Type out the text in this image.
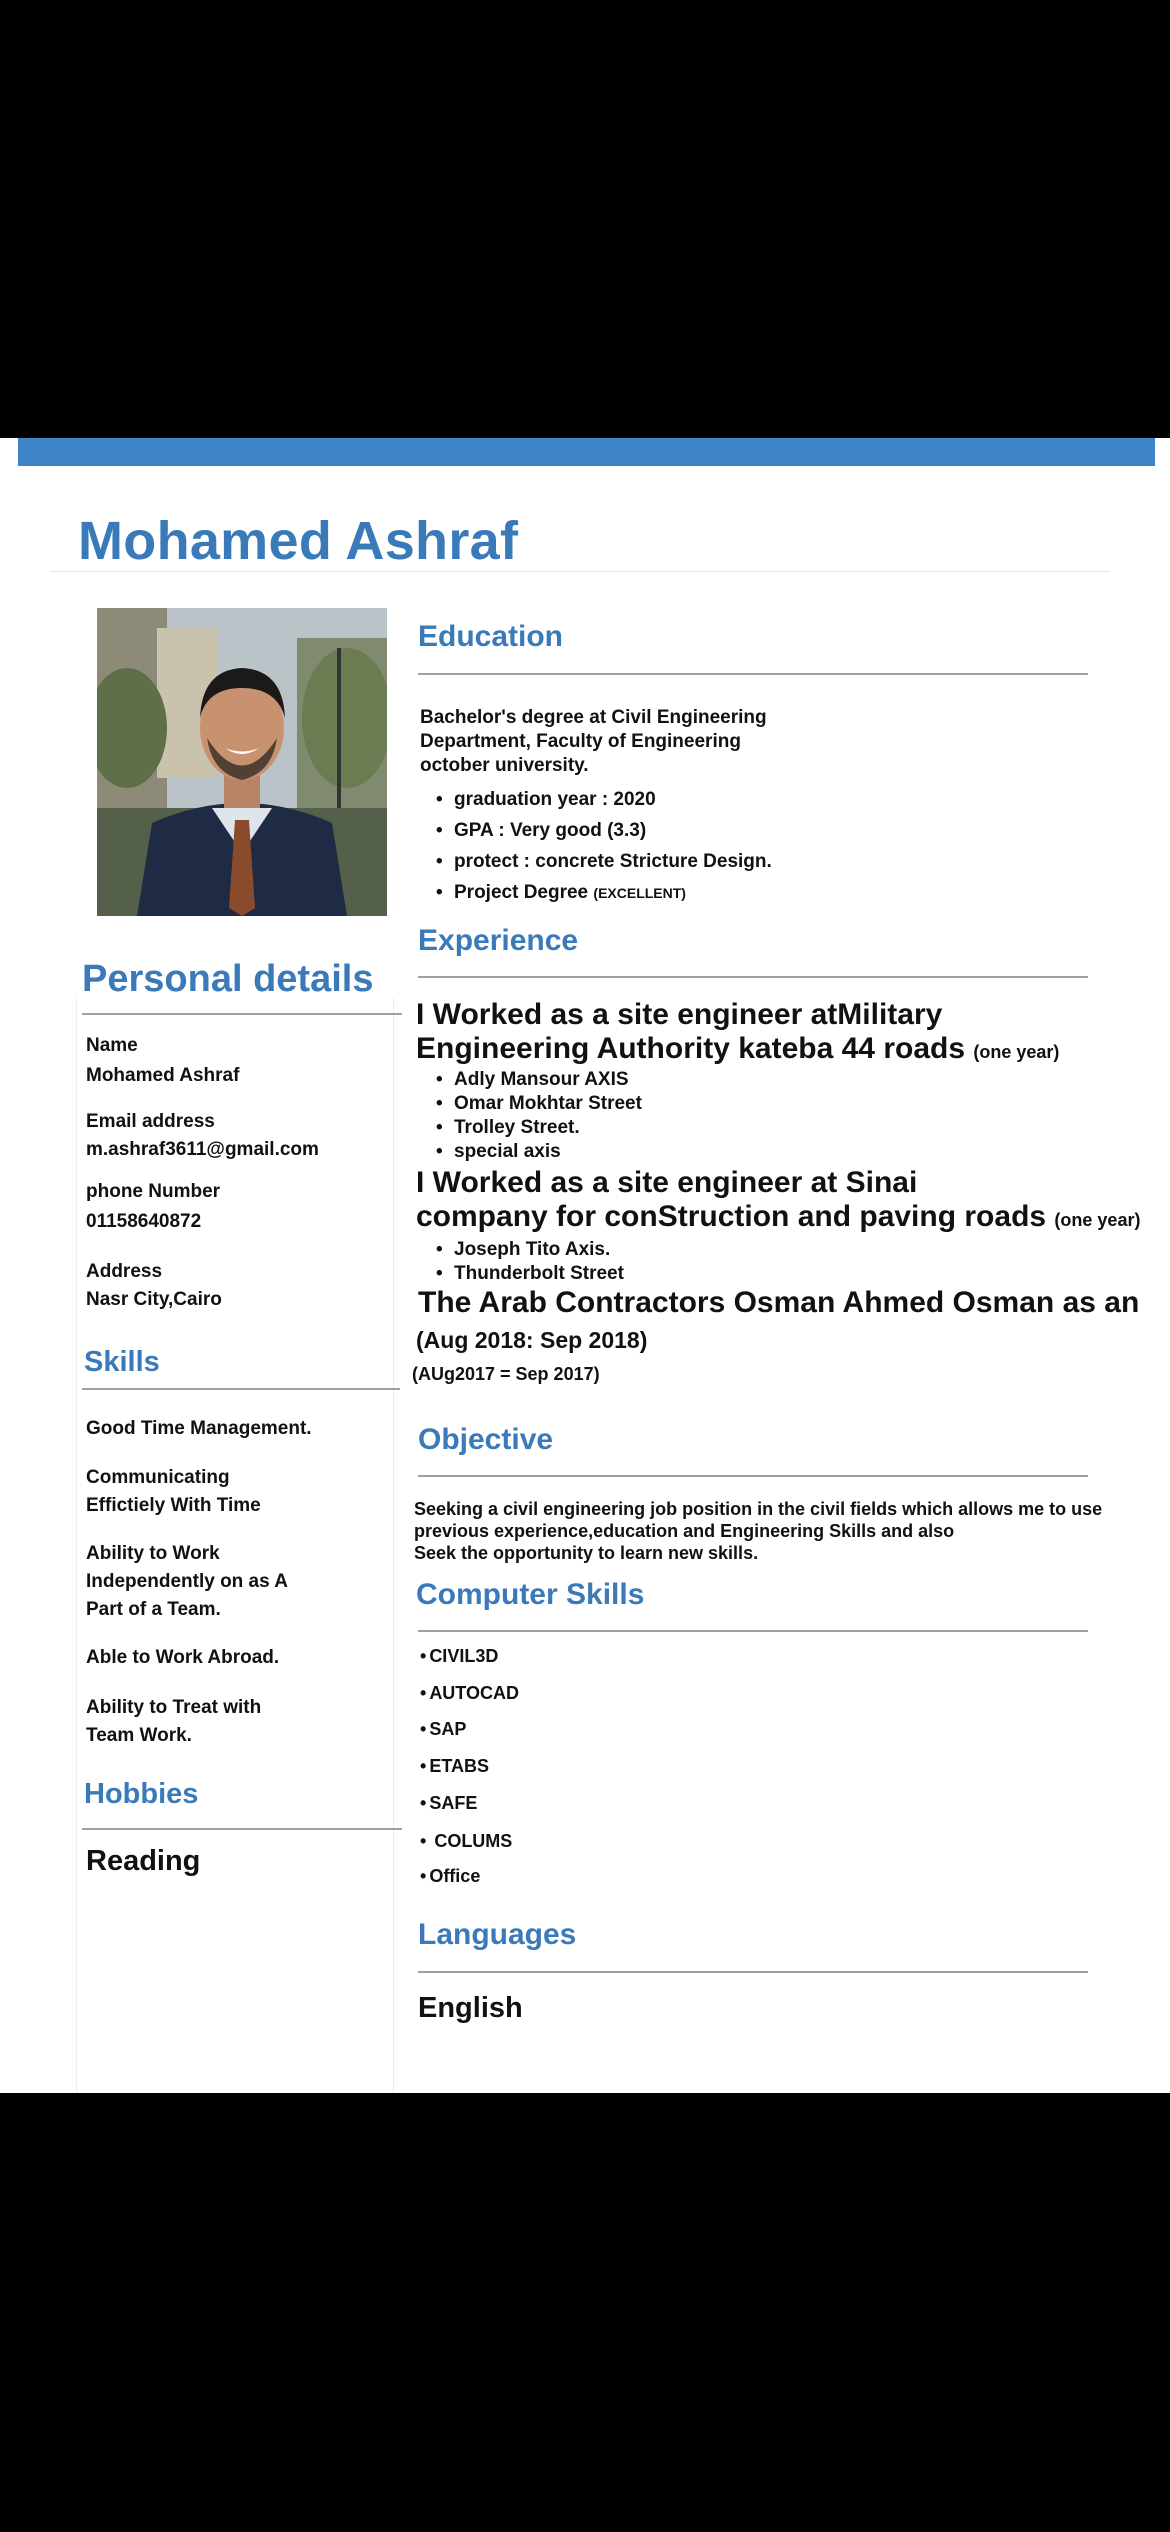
Mohamed Ashraf
Personal details
Name
Mohamed Ashraf
Email address
m.ashraf3611@gmail.com
phone Number
01158640872
Address
Nasr City,Cairo
Skills
Good Time Management.
Communicating Effictiely With Time
Ability to Work Independently on as A Part of a Team.
Able to Work Abroad.
Ability to Treat with Team Work.
Hobbies
Reading
Education
Bachelor's degree at Civil Engineering
Department, Faculty of Engineering
october university.
• graduation year : 2020
• GPA : Very good (3.3)
• protect : concrete Stricture Design.
• Project Degree (EXCELLENT)
Experience
I Worked as a site engineer atMilitary
Engineering Authority kateba 44 roads (one year)
• Adly Mansour AXIS
• Omar Mokhtar Street
• Trolley Street.
• special axis
I Worked as a site engineer at Sinai
company for conStruction and paving roads (one year)
• Joseph Tito Axis.
• Thunderbolt Street
The Arab Contractors Osman Ahmed Osman as an
(Aug 2018: Sep 2018)
(AUg2017 = Sep 2017)
Objective
Seeking a civil engineering job position in the civil fields which allows me to use
previous experience,education and Engineering Skills and also
Seek the opportunity to learn new skills.
Computer Skills
• CIVIL3D
• AUTOCAD
• SAP
• ETABS
• SAFE
• COLUMS
• Office
Languages
English
